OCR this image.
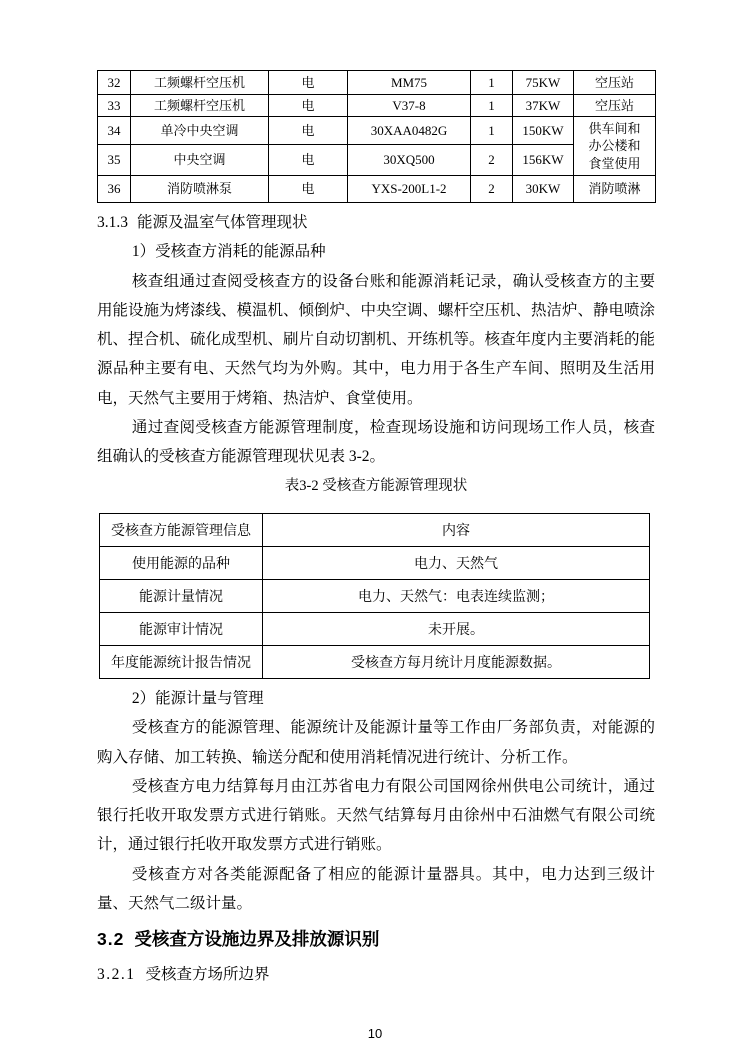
32	工频螺杆空压机	电	MM75	1	75KW	空压站
33	工频螺杆空压机	电	V37-8	1	37KW	空压站
34	单冷中央空调	电	30XAA0482G	1	150KW	供车间和
办公楼和
食堂使用

35	中央空调	电	30XQ500	2	156KW	
36	消防喷淋泵	电	YXS-200L1-2	2	30KW	消防喷淋
3.1.3 能源及温室气体管理现状

1）受核查方消耗的能源品种

核查组通过查阅受核查方的设备台账和能源消耗记录，确认受核查方的主要用能设施为烤漆线、模温机、倾倒炉、中央空调、螺杆空压机、热洁炉、静电喷涂机、捏合机、硫化成型机、刷片自动切割机、开练机等。核查年度内主要消耗的能源品种主要有电、天然气均为外购。其中，电力用于各生产车间、照明及生活用电，天然气主要用于烤箱、热洁炉、食堂使用。

通过查阅受核查方能源管理制度，检查现场设施和访问现场工作人员，核查组确认的受核查方能源管理现状见表 3-2。

表3-2 受核查方能源管理现状

受核查方能源管理信息	内容
使用能源的品种	电力、天然气
能源计量情况	电力、天然气：电表连续监测；
能源审计情况	未开展。
年度能源统计报告情况	受核查方每月统计月度能源数据。

2）能源计量与管理

受核查方的能源管理、能源统计及能源计量等工作由厂务部负责，对能源的购入存储、加工转换、输送分配和使用消耗情况进行统计、分析工作。

受核查方电力结算每月由江苏省电力有限公司国网徐州供电公司统计，通过银行托收开取发票方式进行销账。天然气结算每月由徐州中石油燃气有限公司统计，通过银行托收开取发票方式进行销账。

受核查方对各类能源配备了相应的能源计量器具。其中，电力达到三级计量、天然气二级计量。

3.2 受核查方设施边界及排放源识别
3.2.1 受核查方场所边界
10
